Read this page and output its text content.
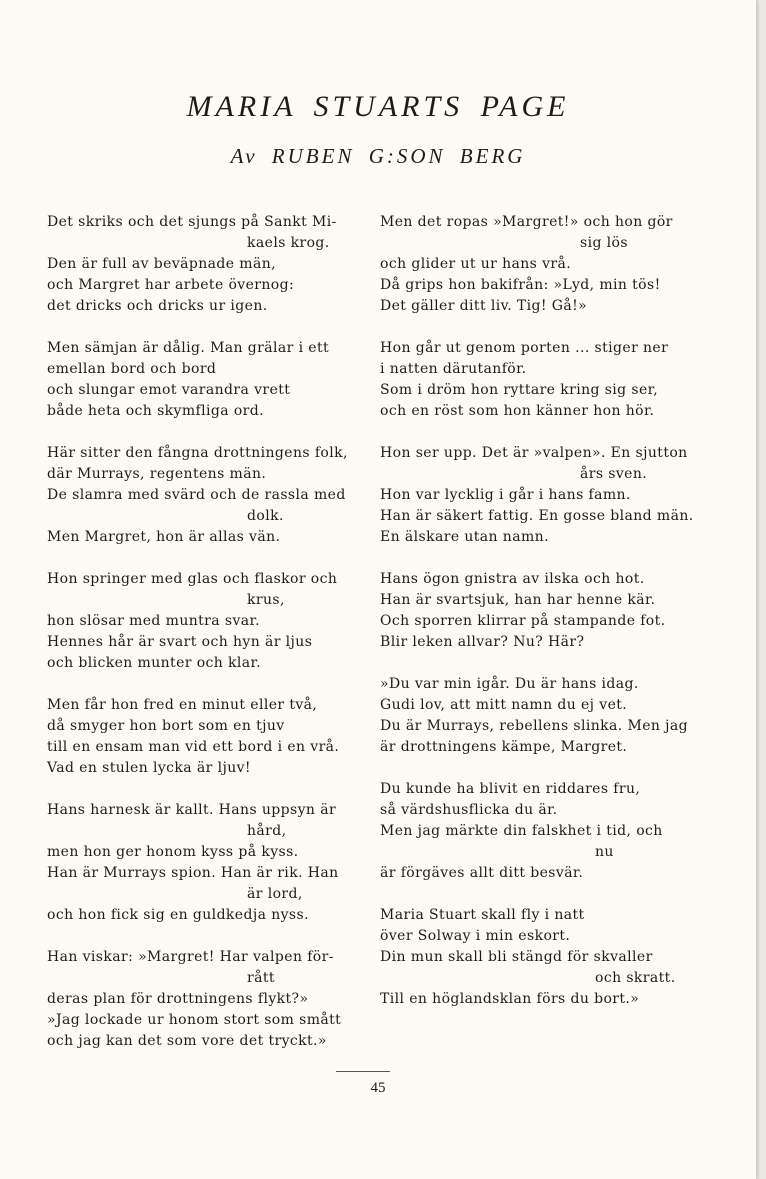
MARIA STUARTS PAGE
Av RUBEN G:SON BERG
Det skriks och det sjungs på Sankt Mi-
kaels krog.
Den är full av beväpnade män,
och Margret har arbete övernog:
det dricks och dricks ur igen.
Men sämjan är dålig. Man grälar i ett
emellan bord och bord
och slungar emot varandra vrett
både heta och skymfliga ord.
Här sitter den fångna drottningens folk,
där Murrays, regentens män.
De slamra med svärd och de rassla med
dolk.
Men Margret, hon är allas vän.
Hon springer med glas och flaskor och
krus,
hon slösar med muntra svar.
Hennes hår är svart och hyn är ljus
och blicken munter och klar.
Men får hon fred en minut eller två,
då smyger hon bort som en tjuv
till en ensam man vid ett bord i en vrå.
Vad en stulen lycka är ljuv!
Hans harnesk är kallt. Hans uppsyn är
hård,
men hon ger honom kyss på kyss.
Han är Murrays spion. Han är rik. Han
är lord,
och hon fick sig en guldkedja nyss.
Han viskar: »Margret! Har valpen för-
rått
deras plan för drottningens flykt?»
»Jag lockade ur honom stort som smått
och jag kan det som vore det tryckt.»
Men det ropas »Margret!» och hon gör
sig lös
och glider ut ur hans vrå.
Då grips hon bakifrån: »Lyd, min tös!
Det gäller ditt liv. Tig! Gå!»
Hon går ut genom porten ... stiger ner
i natten därutanför.
Som i dröm hon ryttare kring sig ser,
och en röst som hon känner hon hör.
Hon ser upp. Det är »valpen». En sjutton
års sven.
Hon var lycklig i går i hans famn.
Han är säkert fattig. En gosse bland män.
En älskare utan namn.
Hans ögon gnistra av ilska och hot.
Han är svartsjuk, han har henne kär.
Och sporren klirrar på stampande fot.
Blir leken allvar? Nu? Här?
»Du var min igår. Du är hans idag.
Gudi lov, att mitt namn du ej vet.
Du är Murrays, rebellens slinka. Men jag
är drottningens kämpe, Margret.
Du kunde ha blivit en riddares fru,
så värdshusflicka du är.
Men jag märkte din falskhet i tid, och
nu
är förgäves allt ditt besvär.
Maria Stuart skall fly i natt
över Solway i min eskort.
Din mun skall bli stängd för skvaller
och skratt.
Till en höglandsklan förs du bort.»
45
